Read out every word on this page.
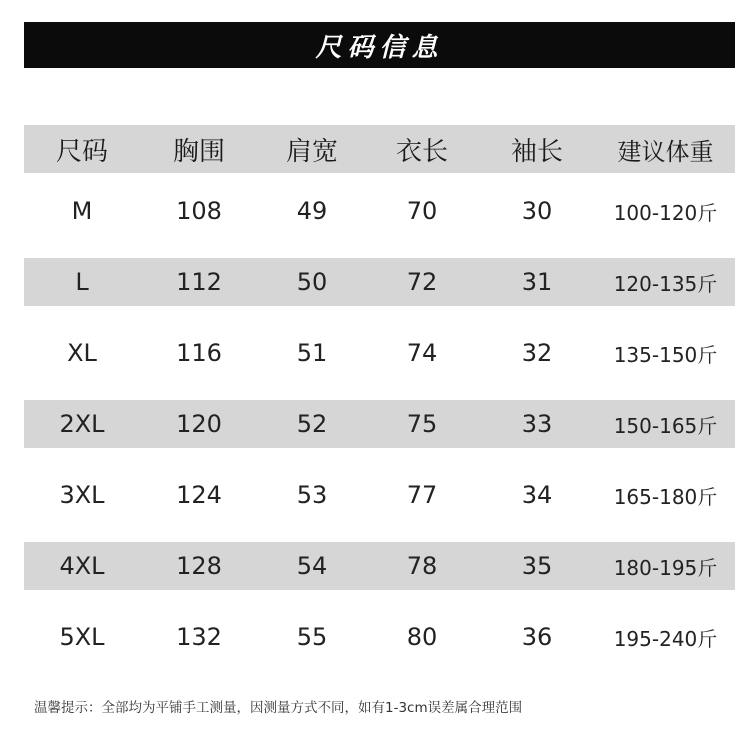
尺码信息
尺码	胸围	肩宽	衣长	袖长	建议体重
M	108	49	70	30	100-120斤
L	112	50	72	31	120-135斤
XL	116	51	74	32	135-150斤
2XL	120	52	75	33	150-165斤
3XL	124	53	77	34	165-180斤
4XL	128	54	78	35	180-195斤
5XL	132	55	80	36	195-240斤
温馨提示：全部均为平铺手工测量，因测量方式不同，如有1-3cm误差属合理范围
